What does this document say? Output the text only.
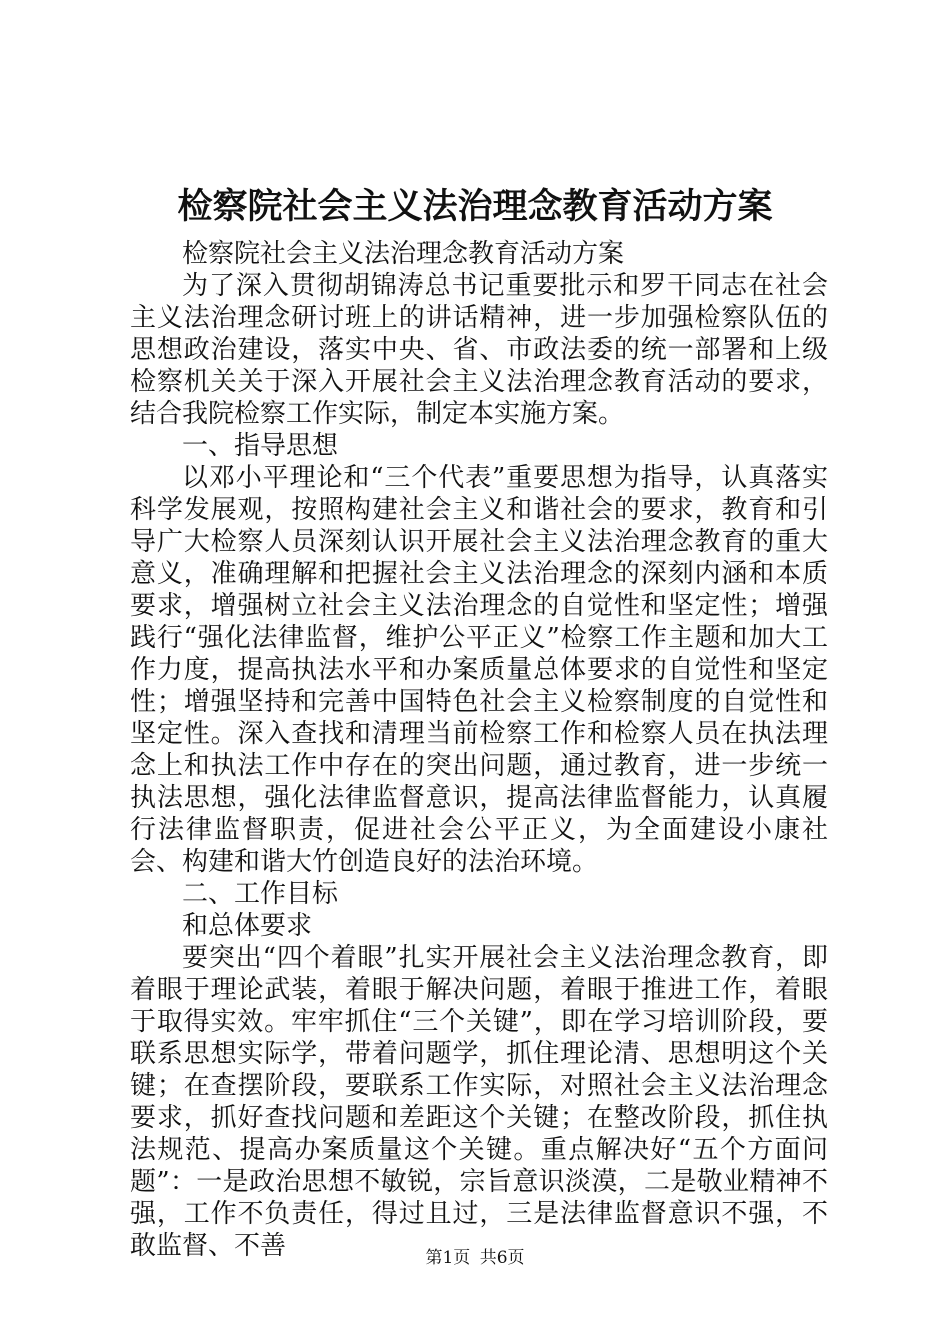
检察院社会主义法治理念教育活动方案

检察院社会主义法治理念教育活动方案

为了深入贯彻胡锦涛总书记重要批示和罗干同志在社会主义法治理念研讨班上的讲话精神，进一步加强检察队伍的思想政治建设，落实中央、省、市政法委的统一部署和上级检察机关关于深入开展社会主义法治理念教育活动的要求，结合我院检察工作实际，制定本实施方案。

一、指导思想

以邓小平理论和“三个代表”重要思想为指导，认真落实科学发展观，按照构建社会主义和谐社会的要求，教育和引导广大检察人员深刻认识开展社会主义法治理念教育的重大意义，准确理解和把握社会主义法治理念的深刻内涵和本质要求，增强树立社会主义法治理念的自觉性和坚定性；增强践行“强化法律监督，维护公平正义”检察工作主题和加大工作力度，提高执法水平和办案质量总体要求的自觉性和坚定性；增强坚持和完善中国特色社会主义检察制度的自觉性和坚定性。深入查找和清理当前检察工作和检察人员在执法理念上和执法工作中存在的突出问题，通过教育，进一步统一执法思想，强化法律监督意识，提高法律监督能力，认真履行法律监督职责，促进社会公平正义，为全面建设小康社会、构建和谐大竹创造良好的法治环境。

二、工作目标

和总体要求

要突出“四个着眼”扎实开展社会主义法治理念教育，即着眼于理论武装，着眼于解决问题，着眼于推进工作，着眼于取得实效。牢牢抓住“三个关键”，即在学习培训阶段，要联系思想实际学，带着问题学，抓住理论清、思想明这个关键；在查摆阶段，要联系工作实际，对照社会主义法治理念要求，抓好查找问题和差距这个关键；在整改阶段，抓住执法规范、提高办案质量这个关键。重点解决好“五个方面问题”：一是政治思想不敏锐，宗旨意识淡漠，二是敬业精神不强，工作不负责任，得过且过，三是法律监督意识不强，不敢监督、不善	第1页 共6页
